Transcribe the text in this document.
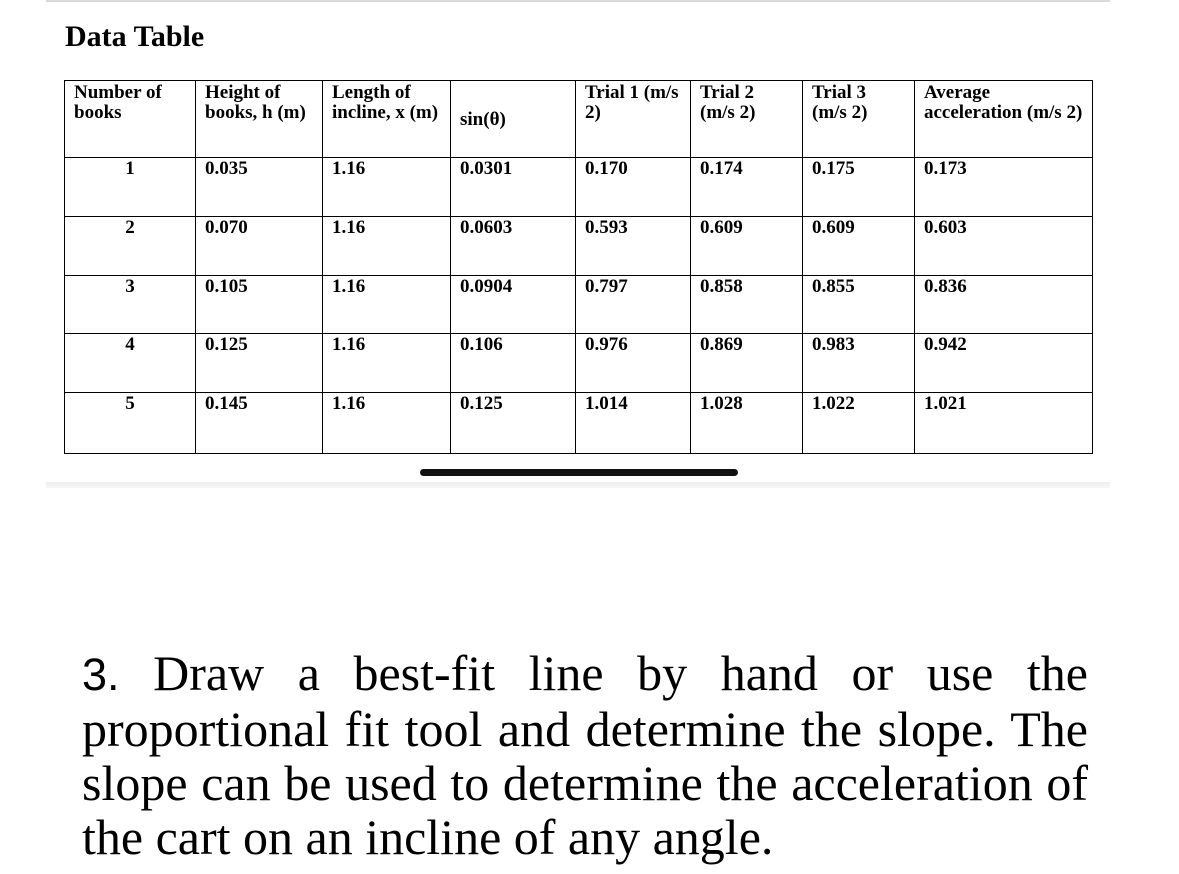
Data Table
Number of books	Height of books, h (m)	Length of incline, x (m)	sin(θ)	Trial 1 (m/s 2)	Trial 2 (m/s 2)	Trial 3 (m/s 2)	Average acceleration (m/s 2)
1	0.035	1.16	0.0301	0.170	0.174	0.175	0.173
2	0.070	1.16	0.0603	0.593	0.609	0.609	0.603
3	0.105	1.16	0.0904	0.797	0.858	0.855	0.836
4	0.125	1.16	0.106	0.976	0.869	0.983	0.942
5	0.145	1.16	0.125	1.014	1.028	1.022	1.021

3. Draw a best-fit line by hand or use the proportional fit tool and determine the slope. The slope can be used to determine the acceleration of the cart on an incline of any angle.
